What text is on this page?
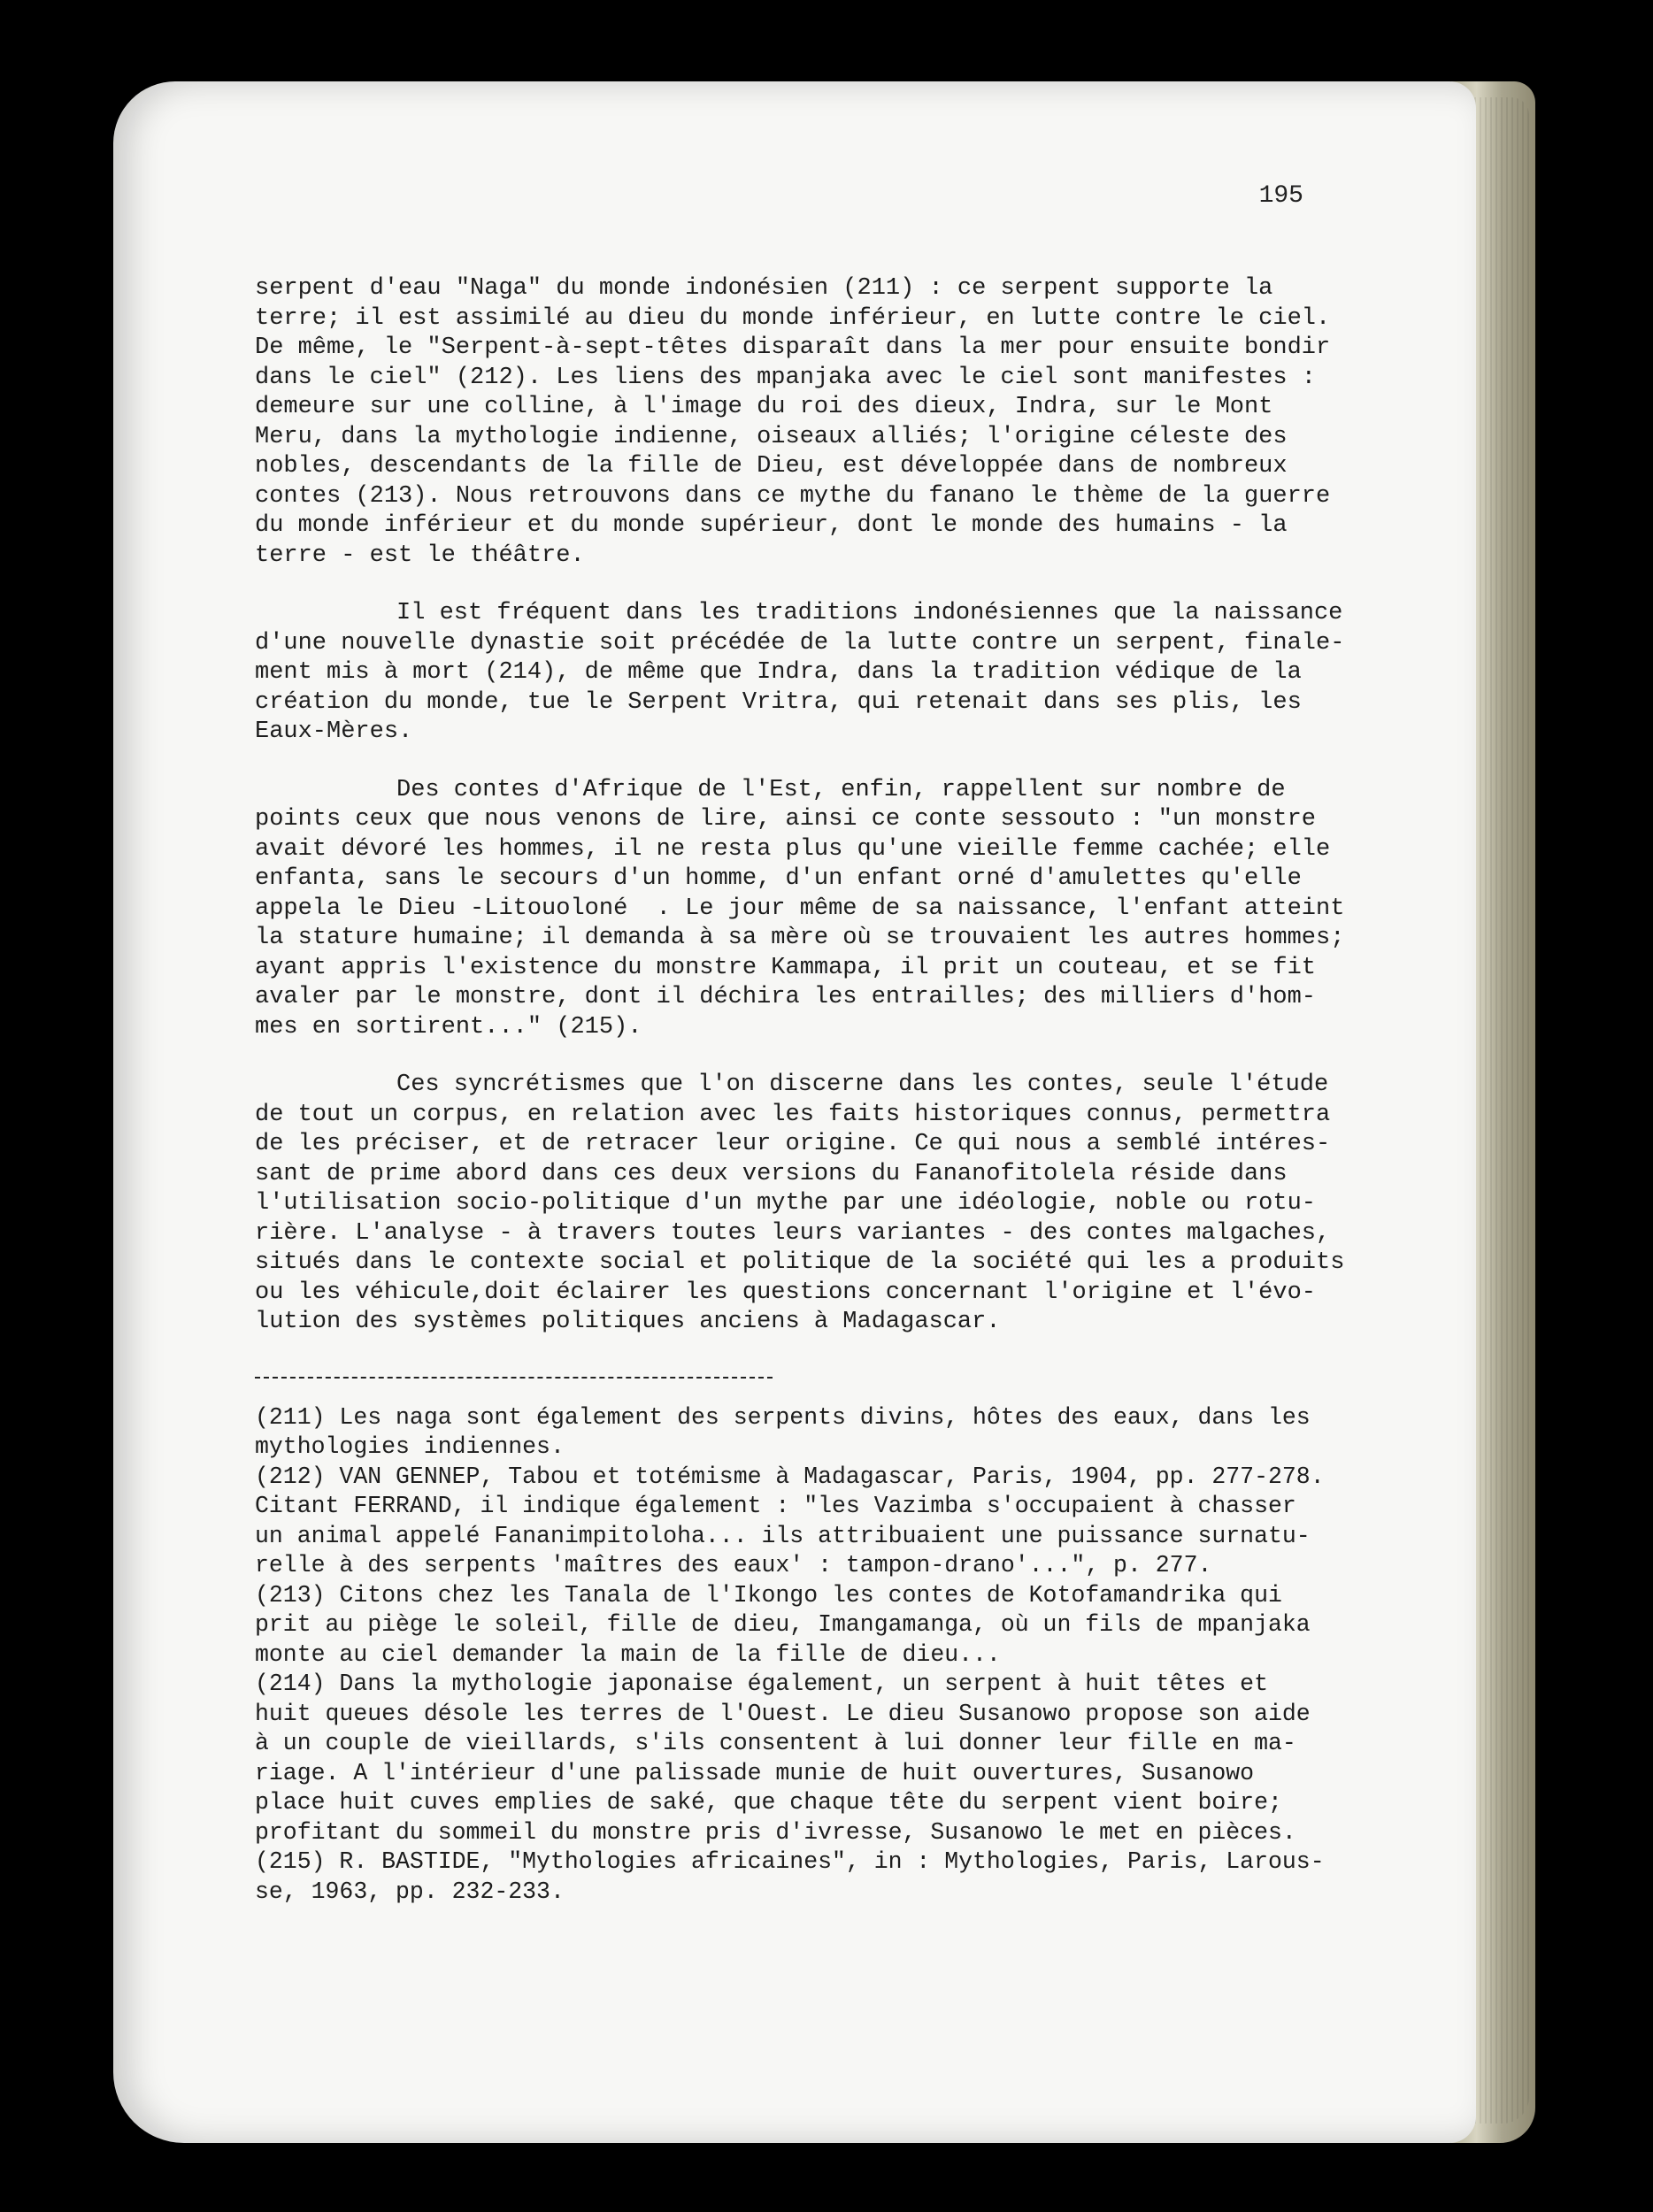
195
serpent d'eau "Naga" du monde indonésien (211) : ce serpent supporte la
terre; il est assimilé au dieu du monde inférieur, en lutte contre le ciel.
De même, le "Serpent-à-sept-têtes disparaît dans la mer pour ensuite bondir
dans le ciel" (212). Les liens des mpanjaka avec le ciel sont manifestes :
demeure sur une colline, à l'image du roi des dieux, Indra, sur le Mont
Meru, dans la mythologie indienne, oiseaux alliés; l'origine céleste des
nobles, descendants de la fille de Dieu, est développée dans de nombreux
contes (213). Nous retrouvons dans ce mythe du fanano le thème de la guerre
du monde inférieur et du monde supérieur, dont le monde des humains - la
terre - est le théâtre.
Il est fréquent dans les traditions indonésiennes que la naissance
d'une nouvelle dynastie soit précédée de la lutte contre un serpent, finale-
ment mis à mort (214), de même que Indra, dans la tradition védique de la
création du monde, tue le Serpent Vritra, qui retenait dans ses plis, les
Eaux-Mères.
Des contes d'Afrique de l'Est, enfin, rappellent sur nombre de
points ceux que nous venons de lire, ainsi ce conte sessouto : "un monstre
avait dévoré les hommes, il ne resta plus qu'une vieille femme cachée; elle
enfanta, sans le secours d'un homme, d'un enfant orné d'amulettes qu'elle
appela le Dieu -Litouoloné  . Le jour même de sa naissance, l'enfant atteint
la stature humaine; il demanda à sa mère où se trouvaient les autres hommes;
ayant appris l'existence du monstre Kammapa, il prit un couteau, et se fit
avaler par le monstre, dont il déchira les entrailles; des milliers d'hom-
mes en sortirent..." (215).
Ces syncrétismes que l'on discerne dans les contes, seule l'étude
de tout un corpus, en relation avec les faits historiques connus, permettra
de les préciser, et de retracer leur origine. Ce qui nous a semblé intéres-
sant de prime abord dans ces deux versions du Fananofitolela réside dans
l'utilisation socio-politique d'un mythe par une idéologie, noble ou rotu-
rière. L'analyse - à travers toutes leurs variantes - des contes malgaches,
situés dans le contexte social et politique de la société qui les a produits
ou les véhicule,doit éclairer les questions concernant l'origine et l'évo-
lution des systèmes politiques anciens à Madagascar.
(211) Les naga sont également des serpents divins, hôtes des eaux, dans les
mythologies indiennes.
(212) VAN GENNEP, Tabou et totémisme à Madagascar, Paris, 1904, pp. 277-278.
Citant FERRAND, il indique également : "les Vazimba s'occupaient à chasser
un animal appelé Fananimpitoloha... ils attribuaient une puissance surnatu-
relle à des serpents 'maîtres des eaux' : tampon-drano'...", p. 277.
(213) Citons chez les Tanala de l'Ikongo les contes de Kotofamandrika qui
prit au piège le soleil, fille de dieu, Imangamanga, où un fils de mpanjaka
monte au ciel demander la main de la fille de dieu...
(214) Dans la mythologie japonaise également, un serpent à huit têtes et
huit queues désole les terres de l'Ouest. Le dieu Susanowo propose son aide
à un couple de vieillards, s'ils consentent à lui donner leur fille en ma-
riage. A l'intérieur d'une palissade munie de huit ouvertures, Susanowo
place huit cuves emplies de saké, que chaque tête du serpent vient boire;
profitant du sommeil du monstre pris d'ivresse, Susanowo le met en pièces.
(215) R. BASTIDE, "Mythologies africaines", in : Mythologies, Paris, Larous-
se, 1963, pp. 232-233.
